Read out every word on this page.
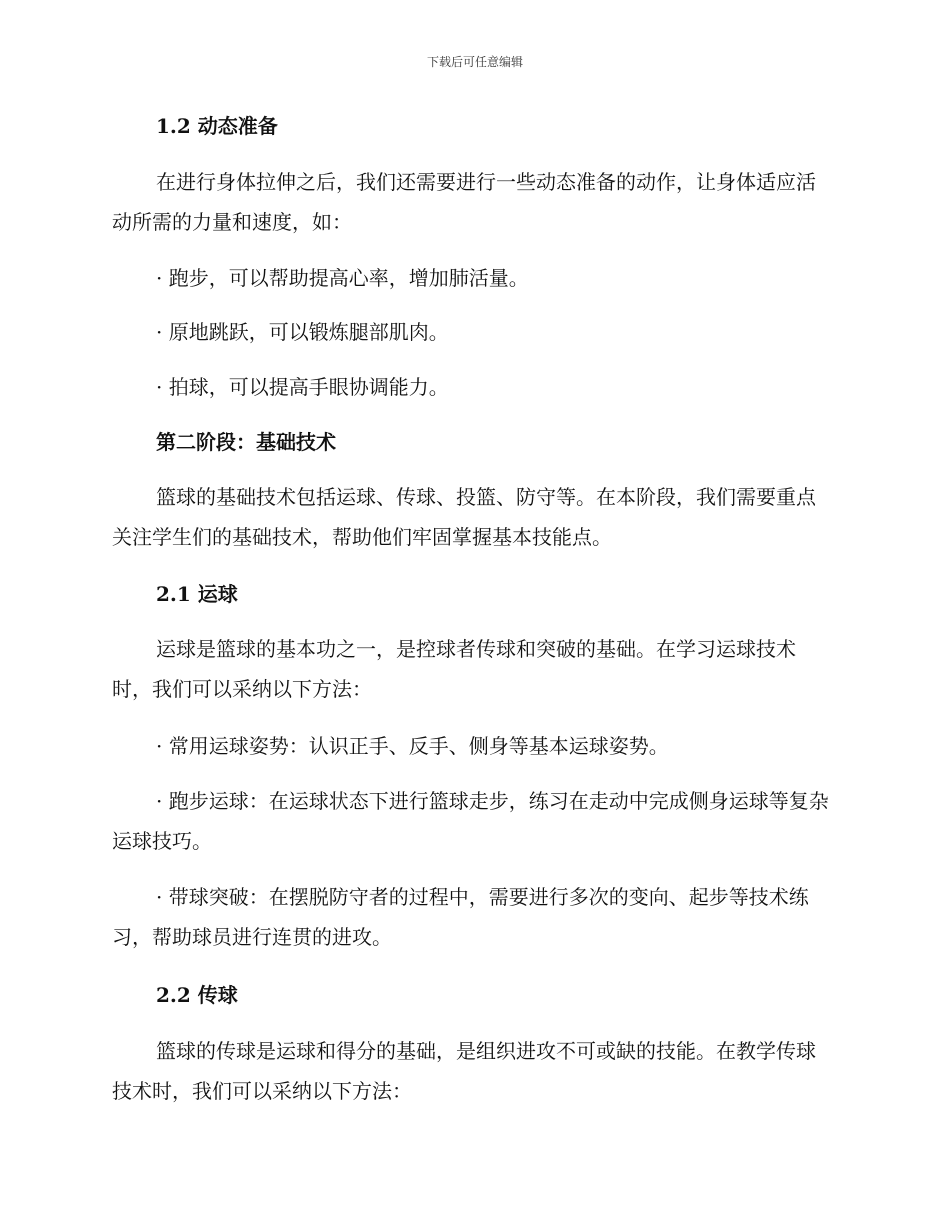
下载后可任意编辑

1.2 动态准备

在进行身体拉伸之后，我们还需要进行一些动态准备的动作，让身体适应活动所需的力量和速度，如：

· 跑步，可以帮助提高心率，增加肺活量。

· 原地跳跃，可以锻炼腿部肌肉。

· 拍球，可以提高手眼协调能力。

第二阶段：基础技术

篮球的基础技术包括运球、传球、投篮、防守等。在本阶段，我们需要重点关注学生们的基础技术，帮助他们牢固掌握基本技能点。

2.1 运球

运球是篮球的基本功之一，是控球者传球和突破的基础。在学习运球技术时，我们可以采纳以下方法：

· 常用运球姿势：认识正手、反手、侧身等基本运球姿势。

· 跑步运球：在运球状态下进行篮球走步，练习在走动中完成侧身运球等复杂运球技巧。

· 带球突破：在摆脱防守者的过程中，需要进行多次的变向、起步等技术练习，帮助球员进行连贯的进攻。

2.2 传球

篮球的传球是运球和得分的基础，是组织进攻不可或缺的技能。在教学传球技术时，我们可以采纳以下方法：
